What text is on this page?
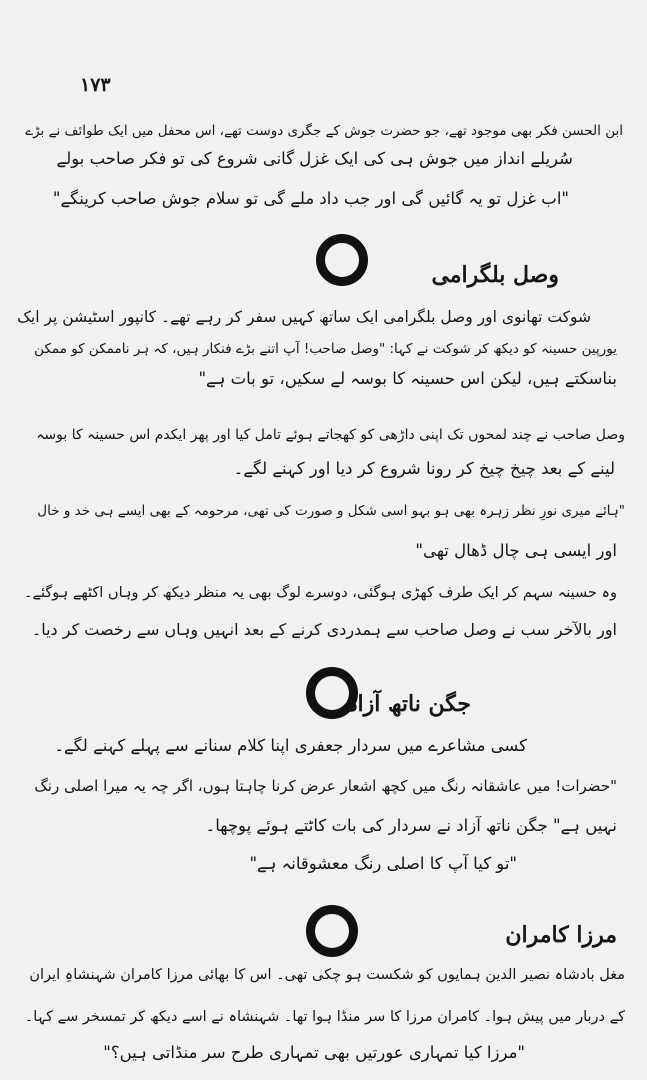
۱۷۳
ابن الحسن فکر بھی موجود تھے، جو حضرت جوش کے جگری دوست تھے، اس محفل میں ایک طوائف نے بڑے
سُریلے انداز میں جوش ہی کی ایک غزل گانی شروع کی تو فکر صاحب بولے
"اب غزل تو یہ گائیں گی اور جب داد ملے گی تو سلام جوش صاحب کرینگے"
وصل بلگرامی
شوکت تھانوی اور وصل بلگرامی ایک ساتھ کہیں سفر کر رہے تھے۔ کانپور اسٹیشن پر ایک
یورپین حسینہ کو دیکھ کر شوکت نے کہا: "وصل صاحب! آپ اتنے بڑے فنکار ہیں، کہ ہر ناممکن کو ممکن
بناسکتے ہیں، لیکن اس حسینہ کا بوسہ لے سکیں، تو بات ہے"
وصل صاحب نے چند لمحوں تک اپنی داڑھی کو کھجاتے ہوئے تامل کیا اور پھر ایکدم اس حسینہ کا بوسہ
لینے کے بعد چیخ چیخ کر رونا شروع کر دیا اور کہنے لگے۔
"ہائے میری نورِ نظر زہرہ بھی ہو بہو اسی شکل و صورت کی تھی، مرحومہ کے بھی ایسے ہی خد و خال
اور ایسی ہی چال ڈھال تھی"
وہ حسینہ سہم کر ایک طرف کھڑی ہوگئی، دوسرے لوگ بھی یہ منظر دیکھ کر وہاں اکٹھے ہوگئے۔
اور بالآخر سب نے وصل صاحب سے ہمدردی کرنے کے بعد انہیں وہاں سے رخصت کر دیا۔
جگن ناتھ آزاد
کسی مشاعرے میں سردار جعفری اپنا کلام سنانے سے پہلے کہنے لگے۔
"حضرات! میں عاشقانہ رنگ میں کچھ اشعار عرض کرنا چاہتا ہوں، اگر چہ یہ میرا اصلی رنگ
نہیں ہے" جگن ناتھ آزاد نے سردار کی بات کاٹتے ہوئے پوچھا۔
"تو کیا آپ کا اصلی رنگ معشوقانہ ہے"
مرزا کامران
مغل بادشاہ نصیر الدین ہمایوں کو شکست ہو چکی تھی۔ اس کا بھائی مرزا کامران شہنشاہِ ایران
کے دربار میں پیش ہوا۔ کامران مرزا کا سر منڈا ہوا تھا۔ شہنشاہ نے اسے دیکھ کر تمسخر سے کہا۔
"مرزا کیا تمہاری عورتیں بھی تمہاری طرح سر منڈاتی ہیں؟"
